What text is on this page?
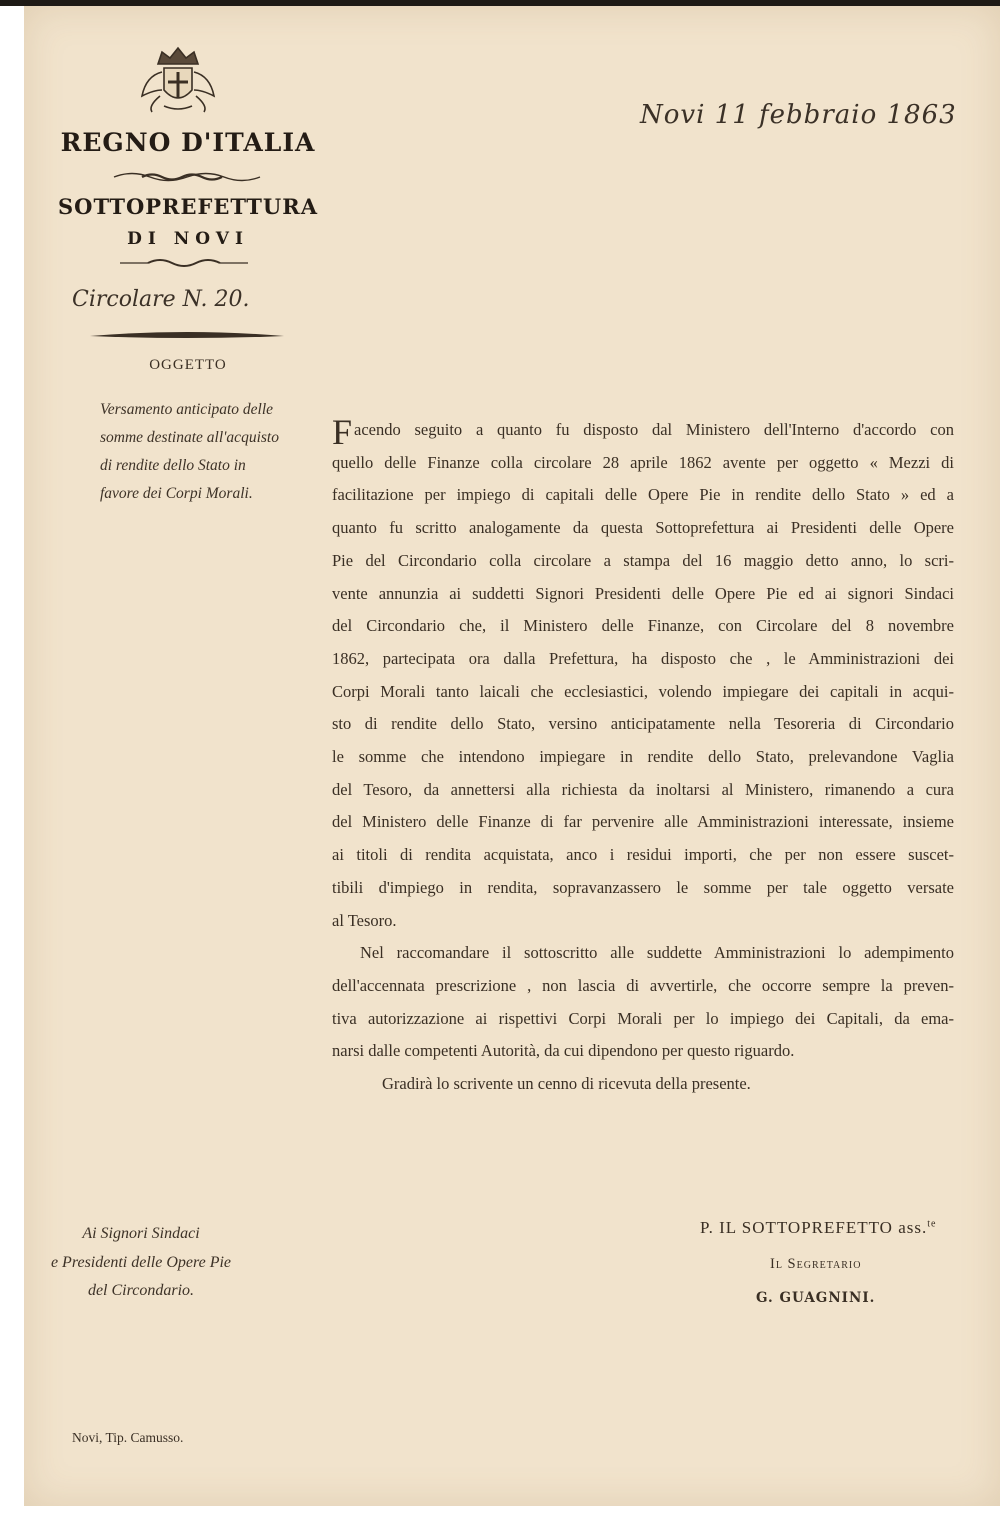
REGNO D'ITALIA
SOTTOPREFETTURA
DI NOVI
Circolare N. 20.
OGGETTO
Versamento anticipato delle
somme destinate all'acquisto
di rendite dello Stato in
favore dei Corpi Morali.
Novi 11 febbraio 1863
F acendo seguito a quanto fu disposto dal Ministero dell'Interno d'accordo con
quello delle Finanze colla circolare 28 aprile 1862 avente per oggetto « Mezzi di
facilitazione per impiego di capitali delle Opere Pie in rendite dello Stato » ed a
quanto fu scritto analogamente da questa Sottoprefettura ai Presidenti delle Opere
Pie del Circondario colla circolare a stampa del 16 maggio detto anno, lo scri-
vente annunzia ai suddetti Signori Presidenti delle Opere Pie ed ai signori Sindaci
del Circondario che, il Ministero delle Finanze, con Circolare del 8 novembre
1862, partecipata ora dalla Prefettura, ha disposto che , le Amministrazioni dei
Corpi Morali tanto laicali che ecclesiastici, volendo impiegare dei capitali in acqui-
sto di rendite dello Stato, versino anticipatamente nella Tesoreria di Circondario
le somme che intendono impiegare in rendite dello Stato, prelevandone Vaglia
del Tesoro, da annettersi alla richiesta da inoltarsi al Ministero, rimanendo a cura
del Ministero delle Finanze di far pervenire alle Amministrazioni interessate, insieme
ai titoli di rendita acquistata, anco i residui importi, che per non essere suscet-
tibili d'impiego in rendita, sopravanzassero le somme per tale oggetto versate
al Tesoro.
Nel raccomandare il sottoscritto alle suddette Amministrazioni lo adempimento
dell'accennata prescrizione , non lascia di avvertirle, che occorre sempre la preven-
tiva autorizzazione ai rispettivi Corpi Morali per lo impiego dei Capitali, da ema-
narsi dalle competenti Autorità, da cui dipendono per questo riguardo.
Gradirà lo scrivente un cenno di ricevuta della presente.
Ai Signori Sindaci
e Presidenti delle Opere Pie
del Circondario.
P. IL SOTTOPREFETTO ass.$^{te}$
Il Segretario
G. GUAGNINI.
Novi, Tip. Camusso.
